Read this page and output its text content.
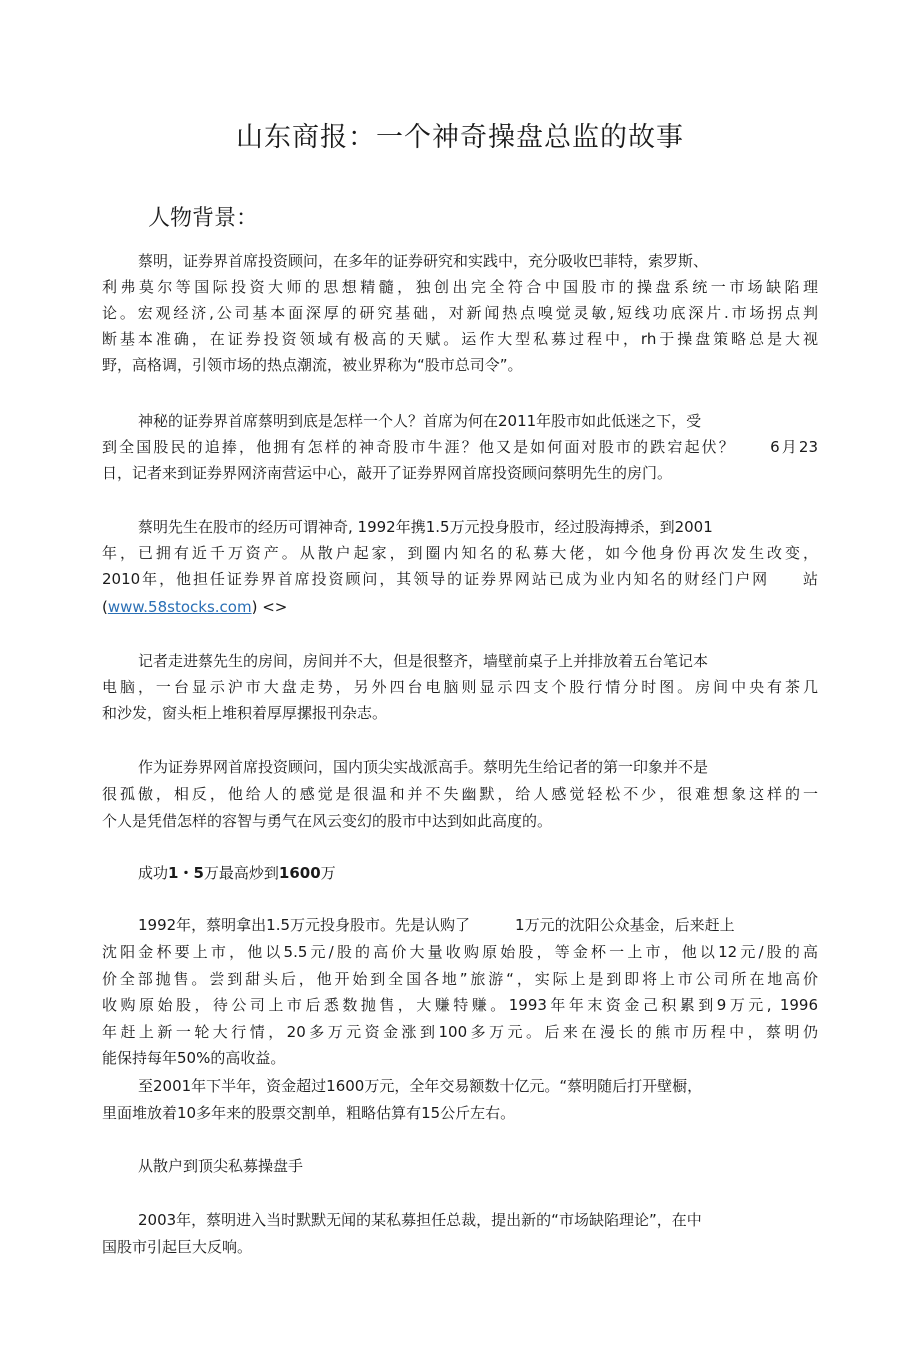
山东商报：一个神奇操盘总监的故事
人物背景：
蔡明，证券界首席投资顾问，在多年的证券研究和实践中，充分吸收巴菲特，索罗斯、
利弗莫尔等国际投资大师的思想精髓，独创出完全符合中国股市的操盘系统一市场缺陷理
论。宏观经济,公司基本面深厚的研究基础，对新闻热点嗅觉灵敏,短线功底深片.市场拐点判
断基本准确，在证券投资领域有极高的天赋。运作大型私募过程中，rh于操盘策略总是大视
野，高格调，引领市场的热点潮流，被业界称为“股市总司令”。
神秘的证券界首席蔡明到底是怎样一个人？首席为何在2011年股市如此低迷之下，受
到全国股民的追捧，他拥有怎样的神奇股市牛涯？他又是如何面对股市的跌宕起伏？　　6月23
日，记者来到证券界网济南营运中心，敲开了证券界网首席投资顾问蔡明先生的房门。
蔡明先生在股市的经历可谓神奇, 1992年携1.5万元投身股市，经过股海搏杀，到2001
年，已拥有近千万资产。从散户起家，到圈内知名的私募大佬，如今他身份再次发生改变，
2010年，他担任证券界首席投资顾问，其领导的证券界网站已成为业内知名的财经门户网　　站
(www.58stocks.com) <>
记者走进蔡先生的房间，房间并不大，但是很整齐，墙壁前桌子上并排放着五台笔记本
电脑，一台显示沪市大盘走势，另外四台电脑则显示四支个股行情分时图。房间中央有茶几
和沙发，窗头柜上堆积着厚厚摞报刊杂志。
作为证券界网首席投资顾问，国内顶尖实战派高手。蔡明先生给记者的第一印象并不是
很孤傲，相反，他给人的感觉是很温和并不失幽默，给人感觉轻松不少，很难想象这样的一
个人是凭借怎样的容智与勇气在风云变幻的股市中达到如此高度的。
成功1・5万最高炒到1600万
1992年，蔡明拿出1.5万元投身股市。先是认购了　　　1万元的沈阳公众基金，后来赶上
沈阳金杯要上市，他以5.5元/股的高价大量收购原始股，等金杯一上市，他以12元/股的高
价全部抛售。尝到甜头后，他开始到全国各地”旅游“，实际上是到即将上市公司所在地高价
收购原始股，待公司上市后悉数抛售，大赚特赚。1993年年末资金己积累到9万元, 1996
年赶上新一轮大行情，20多万元资金涨到100多万元。后来在漫长的熊市历程中，蔡明仍
能保持每年50%的高收益。
至2001年下半年，资金超过1600万元，全年交易额数十亿元。“蔡明随后打开壁橱，
里面堆放着10多年来的股票交割单，粗略估算有15公斤左右。
从散户到顶尖私募操盘手
2003年，蔡明进入当时默默无闻的某私募担任总裁，提出新的“市场缺陷理论”，在中
国股市引起巨大反响。
